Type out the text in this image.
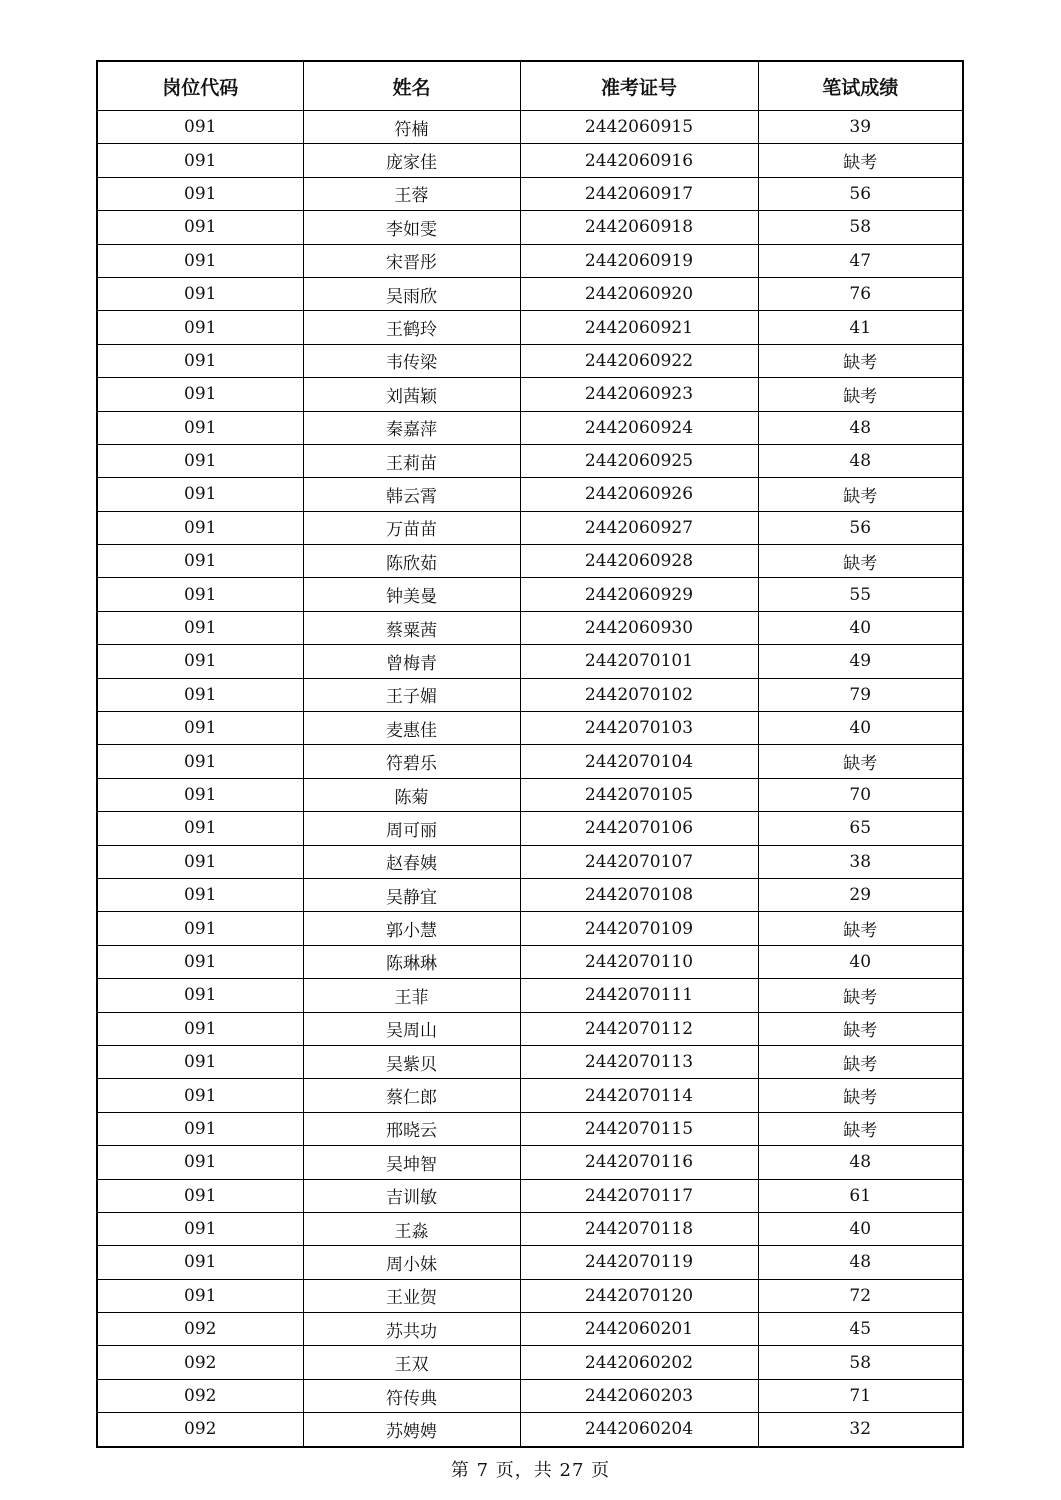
岗位代码	姓名	准考证号	笔试成绩
091	符楠	2442060915	39
091	庞家佳	2442060916	缺考
091	王蓉	2442060917	56
091	李如雯	2442060918	58
091	宋晋彤	2442060919	47
091	吴雨欣	2442060920	76
091	王鹤玲	2442060921	41
091	韦传梁	2442060922	缺考
091	刘茜颖	2442060923	缺考
091	秦嘉萍	2442060924	48
091	王莉苗	2442060925	48
091	韩云霄	2442060926	缺考
091	万苗苗	2442060927	56
091	陈欣茹	2442060928	缺考
091	钟美曼	2442060929	55
091	蔡粟茜	2442060930	40
091	曾梅青	2442070101	49
091	王子媚	2442070102	79
091	麦惠佳	2442070103	40
091	符碧乐	2442070104	缺考
091	陈菊	2442070105	70
091	周可丽	2442070106	65
091	赵春姨	2442070107	38
091	吴静宜	2442070108	29
091	郭小慧	2442070109	缺考
091	陈琳琳	2442070110	40
091	王菲	2442070111	缺考
091	吴周山	2442070112	缺考
091	吴紫贝	2442070113	缺考
091	蔡仁郎	2442070114	缺考
091	邢晓云	2442070115	缺考
091	吴坤智	2442070116	48
091	吉训敏	2442070117	61
091	王淼	2442070118	40
091	周小妹	2442070119	48
091	王业贺	2442070120	72
092	苏共功	2442060201	45
092	王双	2442060202	58
092	符传典	2442060203	71
092	苏娉娉	2442060204	32
第 7 页，共 27 页
